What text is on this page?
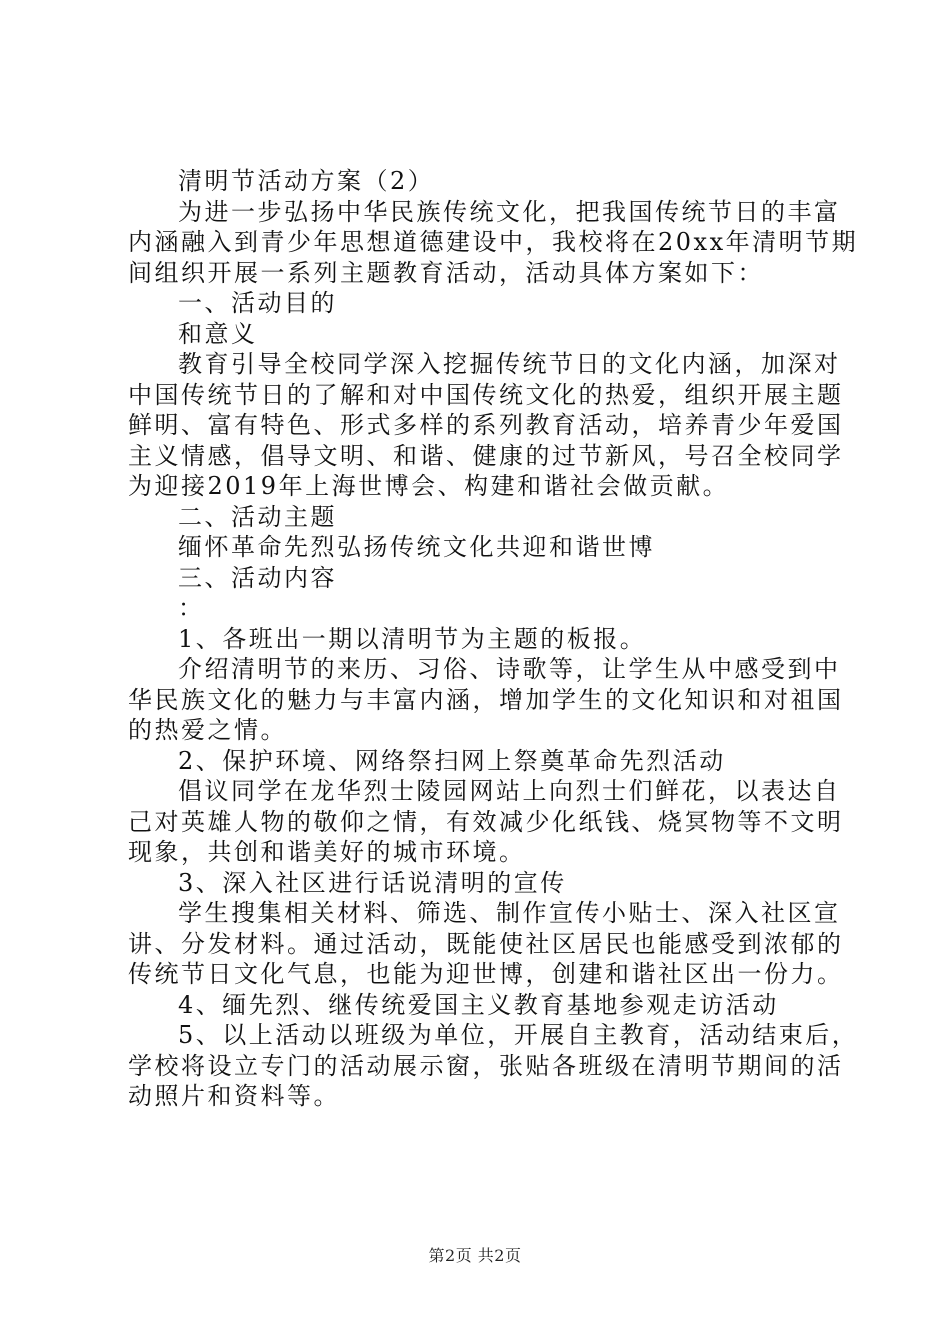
清明节活动方案（2）
为进一步弘扬中华民族传统文化，把我国传统节日的丰富
内涵融入到青少年思想道德建设中，我校将在20xx年清明节期
间组织开展一系列主题教育活动，活动具体方案如下：
一、活动目的
和意义
教育引导全校同学深入挖掘传统节日的文化内涵，加深对
中国传统节日的了解和对中国传统文化的热爱，组织开展主题
鲜明、富有特色、形式多样的系列教育活动，培养青少年爱国
主义情感，倡导文明、和谐、健康的过节新风，号召全校同学
为迎接2019年上海世博会、构建和谐社会做贡献。
二、活动主题
缅怀革命先烈弘扬传统文化共迎和谐世博
三、活动内容
：
1、各班出一期以清明节为主题的板报。
介绍清明节的来历、习俗、诗歌等，让学生从中感受到中
华民族文化的魅力与丰富内涵，增加学生的文化知识和对祖国
的热爱之情。
2、保护环境、网络祭扫网上祭奠革命先烈活动
倡议同学在龙华烈士陵园网站上向烈士们鲜花，以表达自
己对英雄人物的敬仰之情，有效减少化纸钱、烧冥物等不文明
现象，共创和谐美好的城市环境。
3、深入社区进行话说清明的宣传
学生搜集相关材料、筛选、制作宣传小贴士、深入社区宣
讲、分发材料。通过活动，既能使社区居民也能感受到浓郁的
传统节日文化气息，也能为迎世博，创建和谐社区出一份力。
4、缅先烈、继传统爱国主义教育基地参观走访活动
5、以上活动以班级为单位，开展自主教育，活动结束后，
学校将设立专门的活动展示窗，张贴各班级在清明节期间的活
动照片和资料等。
第2页 共2页
